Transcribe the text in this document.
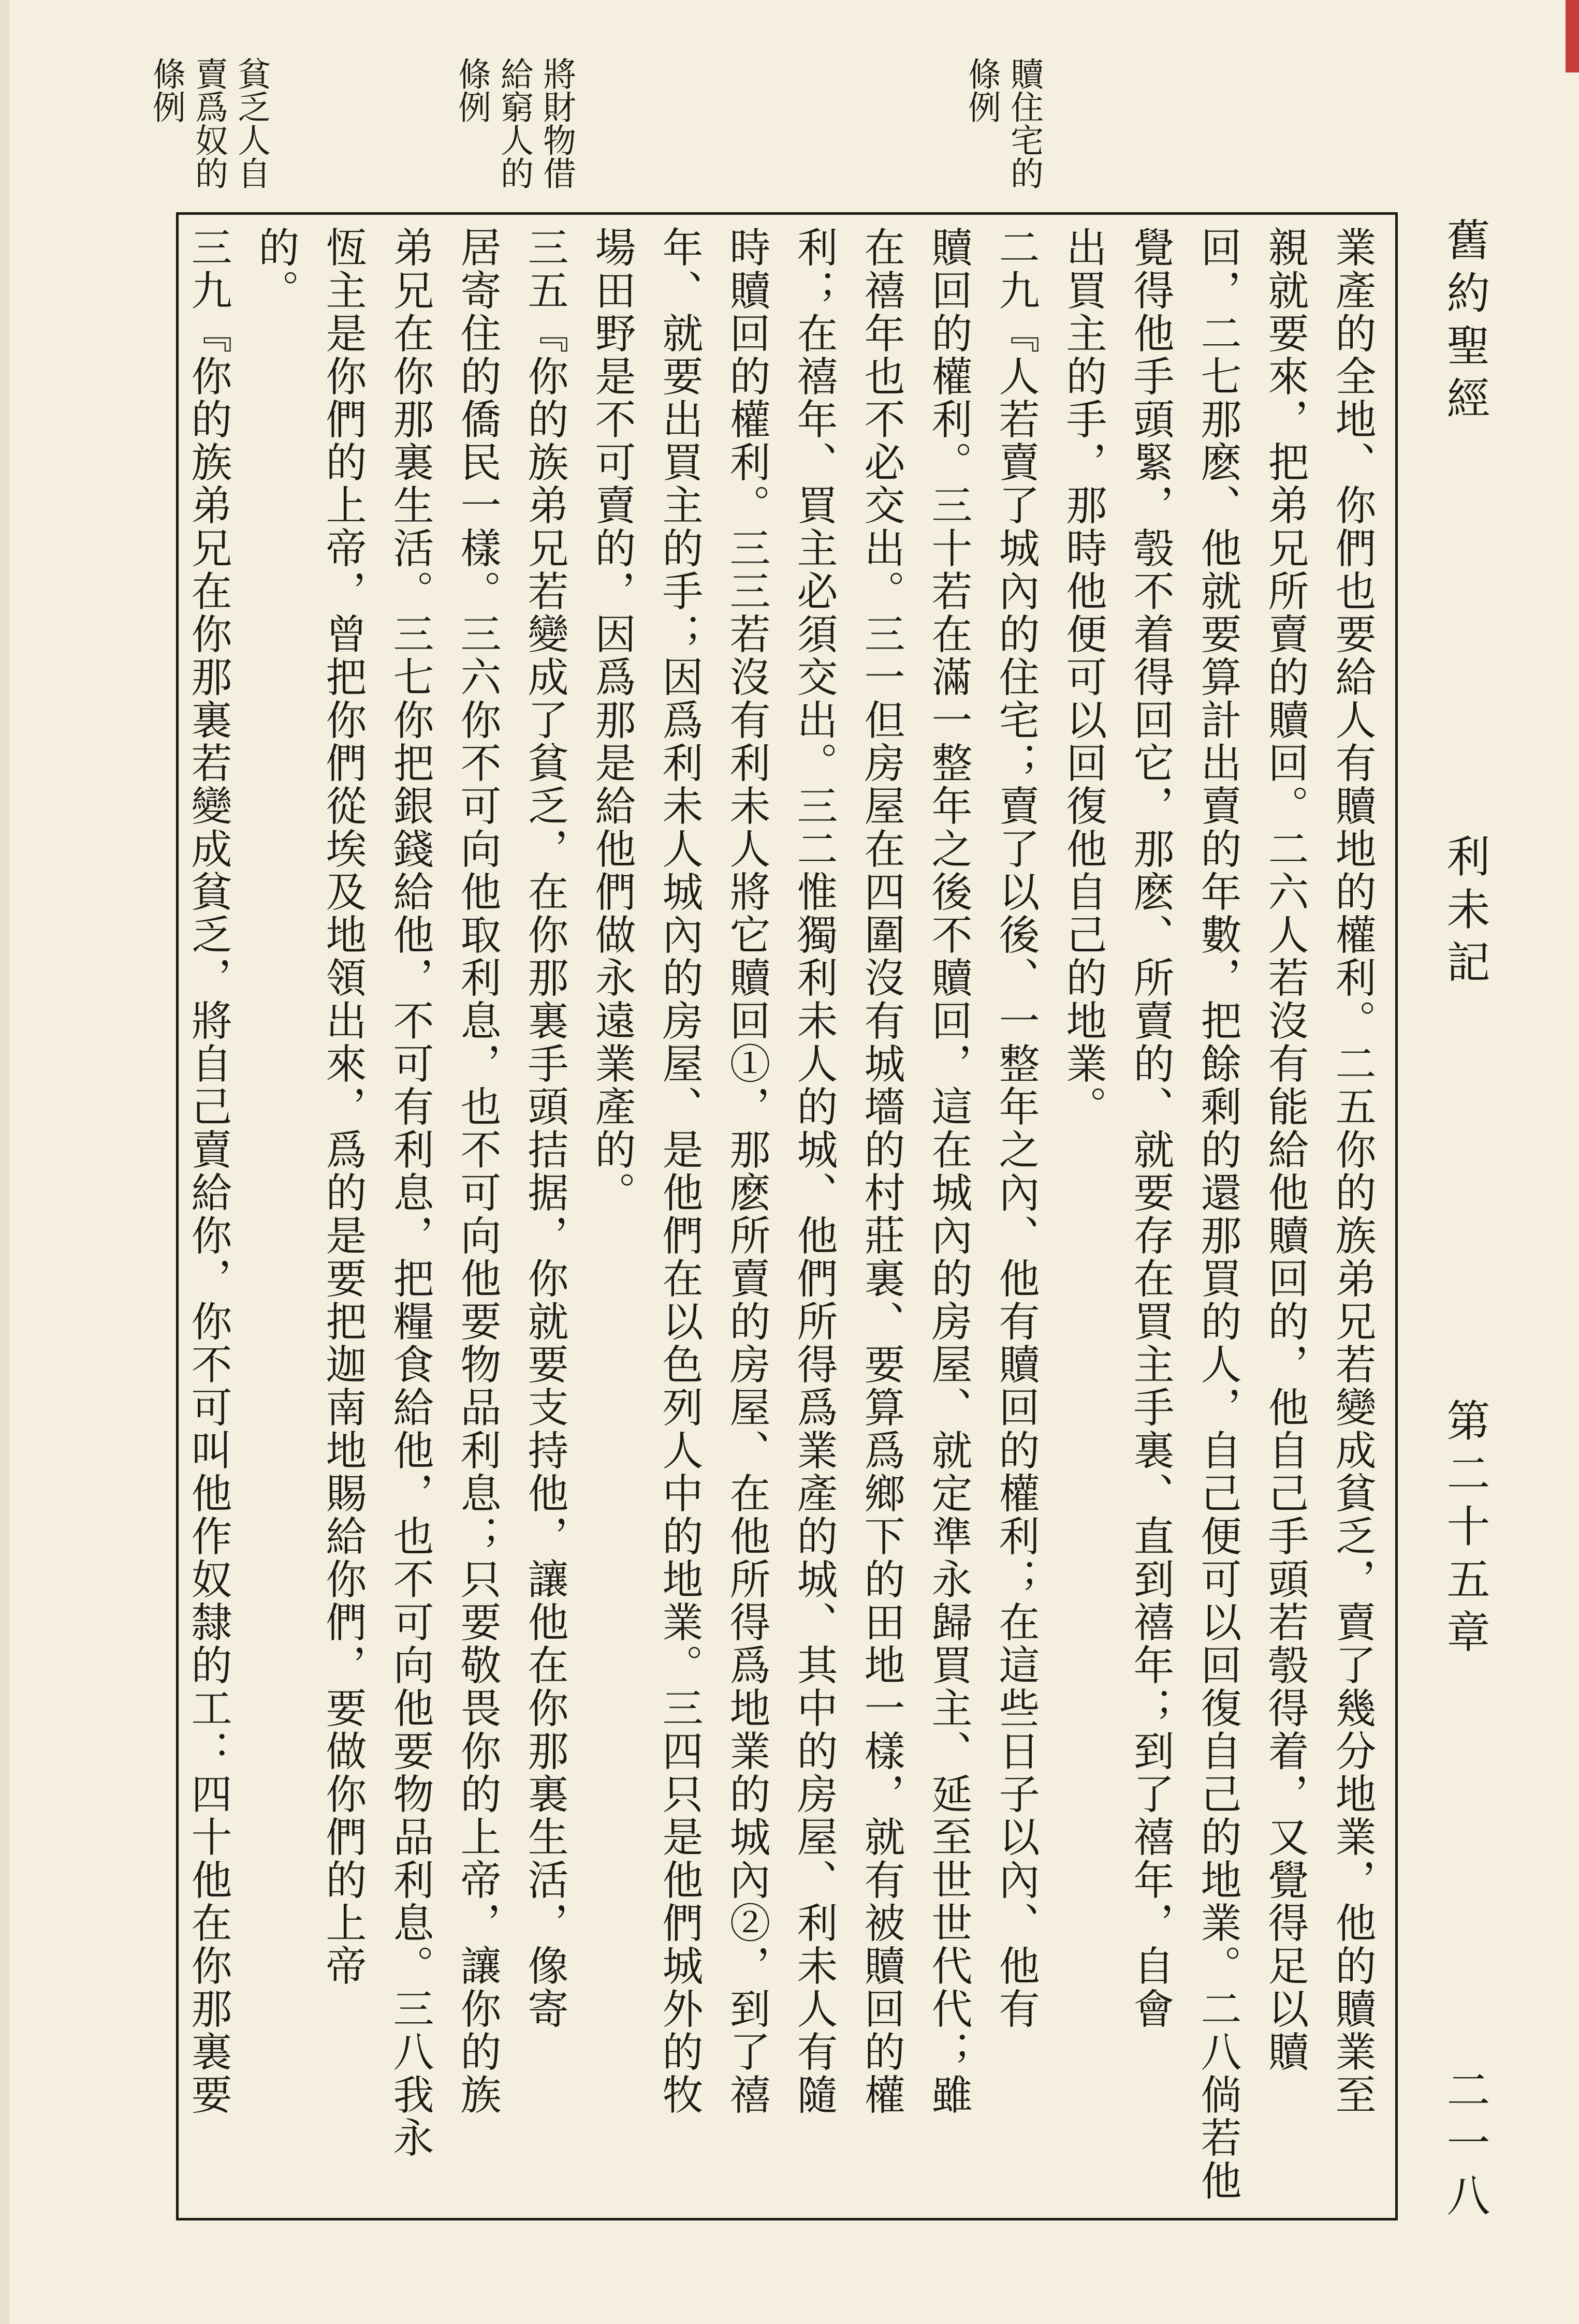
舊約聖經
利未記
第二十五章
二一八
贖住宅的
條例
將財物借
給窮人的
條例
貧乏人自
賣爲奴的
條例

業產的全地、你們也要給人有贖地的權利。二五你的族弟兄若變成貧乏，賣了幾分地業，他的贖業至

親就要來，把弟兄所賣的贖回。二六人若沒有能給他贖回的，他自己手頭若彀得着，又覺得足以贖

回，二七那麽、他就要算計出賣的年數，把餘剩的還那買的人，自己便可以回復自己的地業。二八倘若他

覺得他手頭緊，彀不着得回它，那麽、所賣的、就要存在買主手裏、直到禧年；到了禧年，自會

出買主的手，那時他便可以回復他自己的地業。

二九『人若賣了城內的住宅；賣了以後、一整年之內、他有贖回的權利；在這些日子以內、他有

贖回的權利。三十若在滿一整年之後不贖回，這在城內的房屋、就定準永歸買主、延至世世代代；雖

在禧年也不必交出。三一但房屋在四圍沒有城墻的村莊裏、要算爲鄉下的田地一樣，就有被贖回的權

利；在禧年、買主必須交出。三二惟獨利未人的城、他們所得爲業產的城、其中的房屋、利未人有隨

時贖回的權利。三三若沒有利未人將它贖回①，那麽所賣的房屋、在他所得爲地業的城內②，到了禧

年、就要出買主的手；因爲利未人城內的房屋、是他們在以色列人中的地業。三四只是他們城外的牧

場田野是不可賣的，因爲那是給他們做永遠業產的。

三五『你的族弟兄若變成了貧乏，在你那裏手頭拮据，你就要支持他，讓他在你那裏生活，像寄

居寄住的僑民一樣。三六你不可向他取利息，也不可向他要物品利息；只要敬畏你的上帝，讓你的族

弟兄在你那裏生活。三七你把銀錢給他，不可有利息，把糧食給他，也不可向他要物品利息。三八我永

恆主是你們的上帝，曾把你們從埃及地領出來，爲的是要把迦南地賜給你們，要做你們的上帝

的。

三九『你的族弟兄在你那裏若變成貧乏，將自己賣給你，你不可叫他作奴隸的工：四十他在你那裏要
